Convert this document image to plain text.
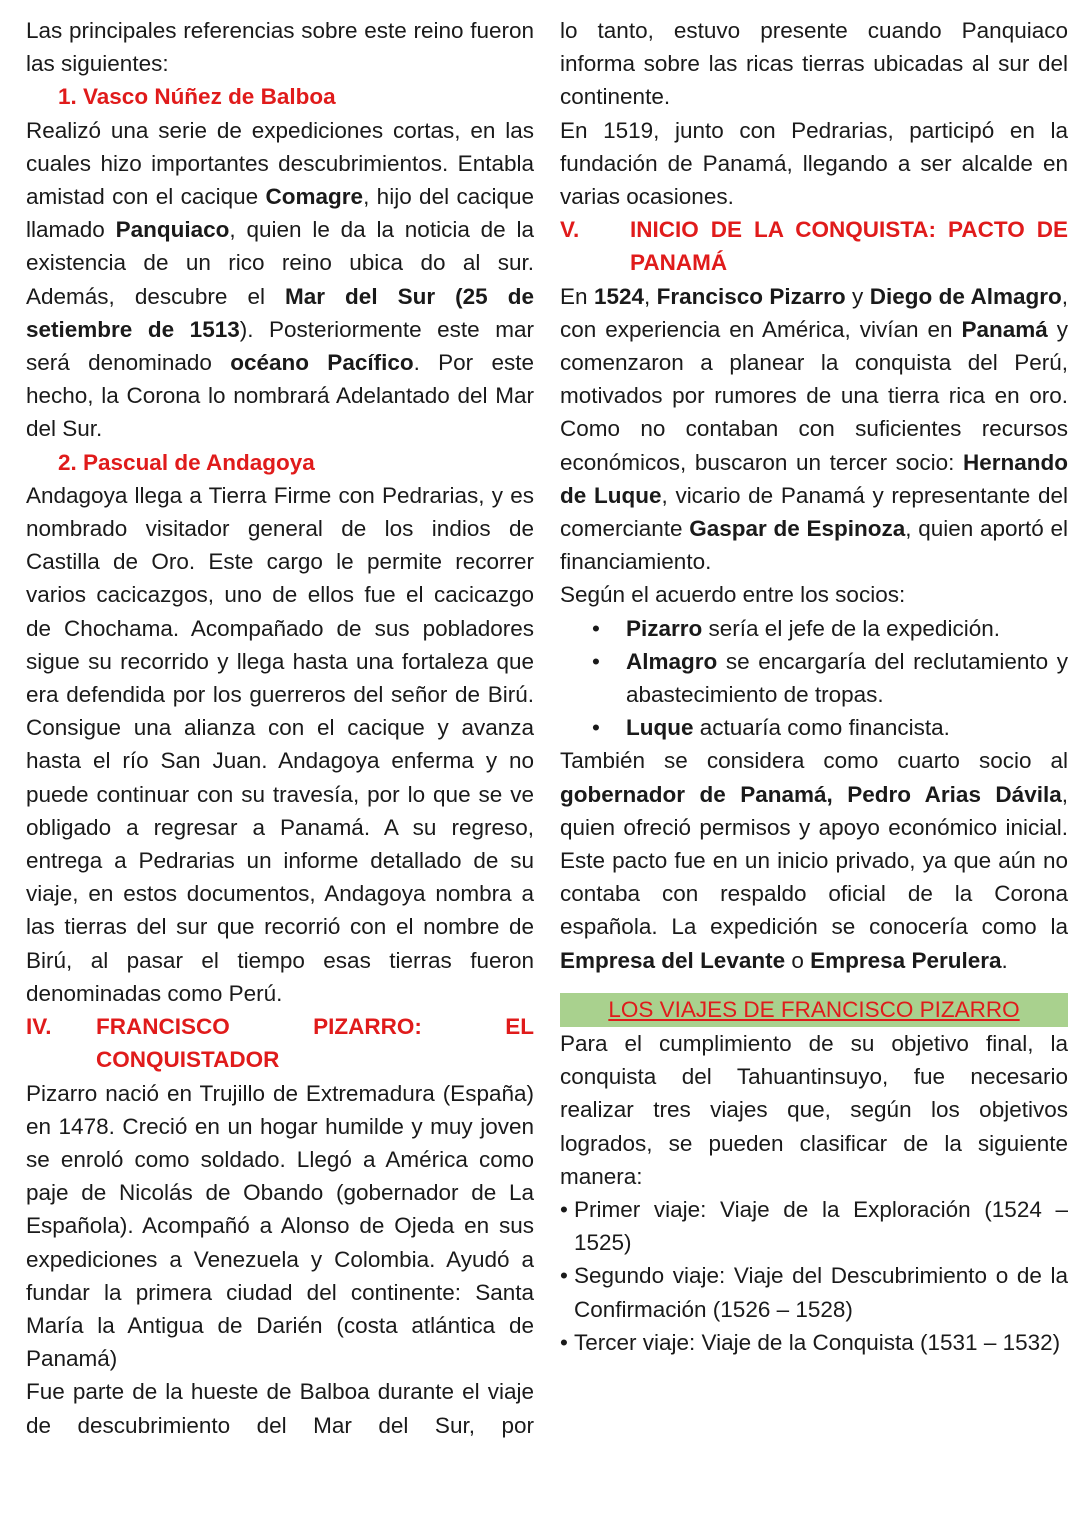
Las principales referencias sobre este reino fueron las siguientes:

1. Vasco Núñez de Balboa

Realizó una serie de expediciones cortas, en las cuales hizo importantes descubrimientos. Entabla amistad con el cacique Comagre, hijo del cacique llamado Panquiaco, quien le da la noticia de la existencia de un rico reino ubica do al sur. Además, descubre el Mar del Sur (25 de setiembre de 1513). Posteriormente este mar será denominado océano Pacífico. Por este hecho, la Corona lo nombrará Adelantado del Mar del Sur.

2. Pascual de Andagoya

Andagoya llega a Tierra Firme con Pedrarias, y es nombrado visitador general de los indios de Castilla de Oro. Este cargo le permite recorrer varios cacicazgos, uno de ellos fue el cacicazgo de Chochama. Acompañado de sus pobladores sigue su recorrido y llega hasta una fortaleza que era defendida por los guerreros del señor de Birú. Consigue una alianza con el cacique y avanza hasta el río San Juan. Andagoya enferma y no puede continuar con su travesía, por lo que se ve obligado a regresar a Panamá. A su regreso, entrega a Pedrarias un informe detallado de su viaje, en estos documentos, Andagoya nombra a las tierras del sur que recorrió con el nombre de Birú, al pasar el tiempo esas tierras fueron denominadas como Perú.

IV.	FRANCISCO PIZARRO: EL
CONQUISTADOR

Pizarro nació en Trujillo de Extremadura (España) en 1478. Creció en un hogar humilde y muy joven se enroló como soldado. Llegó a América como paje de Nicolás de Obando (gobernador de La Española). Acompañó a Alonso de Ojeda en sus expediciones a Venezuela y Colombia. Ayudó a fundar la primera ciudad del continente: Santa María la Antigua de Darién (costa atlántica de Panamá)

Fue parte de la hueste de Balboa durante el viaje de descubrimiento del Mar del Sur, por

lo tanto, estuvo presente cuando Panquiaco informa sobre las ricas tierras ubicadas al sur del continente.

En 1519, junto con Pedrarias, participó en la fundación de Panamá, llegando a ser alcalde en varias ocasiones.

V.	INICIO DE LA CONQUISTA: PACTO DE
PANAMÁ

En 1524, Francisco Pizarro y Diego de Almagro, con experiencia en América, vivían en Panamá y comenzaron a planear la conquista del Perú, motivados por rumores de una tierra rica en oro. Como no contaban con suficientes recursos económicos, buscaron un tercer socio: Hernando de Luque, vicario de Panamá y representante del comerciante Gaspar de Espinoza, quien aportó el financiamiento.

Según el acuerdo entre los socios:

•	Pizarro sería el jefe de la expedición.
•	Almagro se encargaría del reclutamiento y abastecimiento de tropas.
•	Luque actuaría como financista.

También se considera como cuarto socio al gobernador de Panamá, Pedro Arias Dávila, quien ofreció permisos y apoyo económico inicial. Este pacto fue en un inicio privado, ya que aún no contaba con respaldo oficial de la Corona española. La expedición se conocería como la Empresa del Levante o Empresa Perulera.

LOS VIAJES DE FRANCISCO PIZARRO

Para el cumplimiento de su objetivo final, la conquista del Tahuantinsuyo, fue necesario realizar tres viajes que, según los objetivos logrados, se pueden clasificar de la siguiente manera:

• Primer viaje: Viaje de la Exploración (1524 – 1525)
• Segundo viaje: Viaje del Descubrimiento o de la Confirmación (1526 – 1528)
• Tercer viaje: Viaje de la Conquista (1531 – 1532)
